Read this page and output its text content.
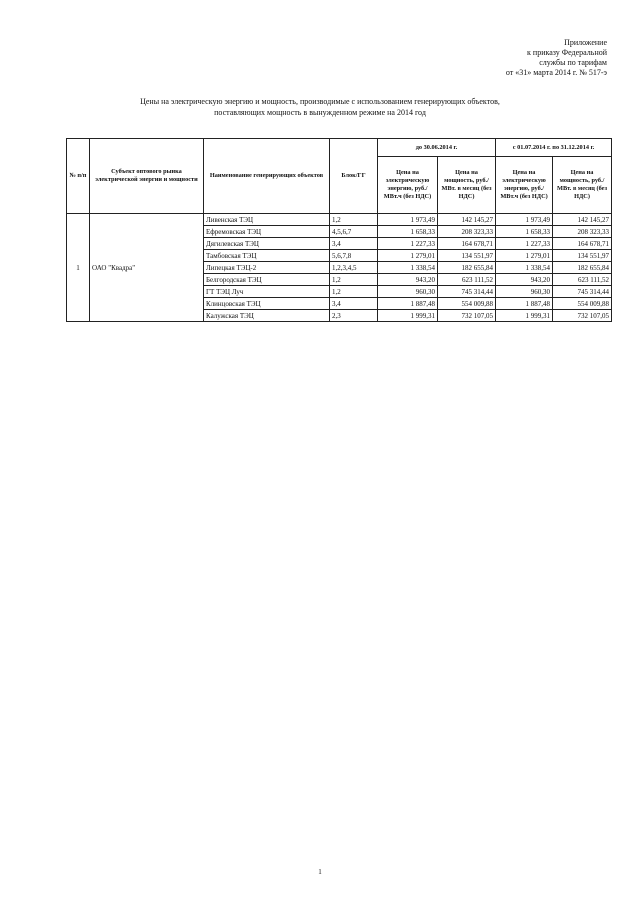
Приложение
к приказу Федеральной
службы по тарифам
от «31» марта 2014 г. № 517-э
Цены на электрическую энергию и мощность, производимые с использованием генерирующих объектов,
поставляющих мощность в вынужденном режиме на 2014 год
№ п/п	Субъект оптового рынка электрической энергии и мощности	Наименование генерирующих объектов	Блок/ГГ	до 30.06.2014 г.		с 01.07.2014 г. по 31.12.2014 г.	
				Цена на электрическую энергию, руб./МВт.ч (без НДС)	Цена на мощность, руб./МВт. в месяц (без НДС)	Цена на электрическую энергию, руб./МВт.ч (без НДС)	Цена на мощность, руб./МВт. в месяц (без НДС)
1	ОАО "Квадра"	Ливенская ТЭЦ	1,2	1 973,49	142 145,27	1 973,49	142 145,27
		Ефремовская ТЭЦ	4,5,6,7	1 658,33	208 323,33	1 658,33	208 323,33
		Дягилевская ТЭЦ	3,4	1 227,33	164 678,71	1 227,33	164 678,71
		Тамбовская ТЭЦ	5,6,7,8	1 279,01	134 551,97	1 279,01	134 551,97
		Липецкая ТЭЦ-2	1,2,3,4,5	1 338,54	182 655,84	1 338,54	182 655,84
		Белгородская ТЭЦ	1,2	943,20	623 111,52	943,20	623 111,52
		ГТ ТЭЦ Луч	1,2	960,30	745 314,44	960,30	745 314,44
		Клинцовская ТЭЦ	3,4	1 887,48	554 009,88	1 887,48	554 009,88
		Калужская ТЭЦ	2,3	1 999,31	732 107,05	1 999,31	732 107,05
1
